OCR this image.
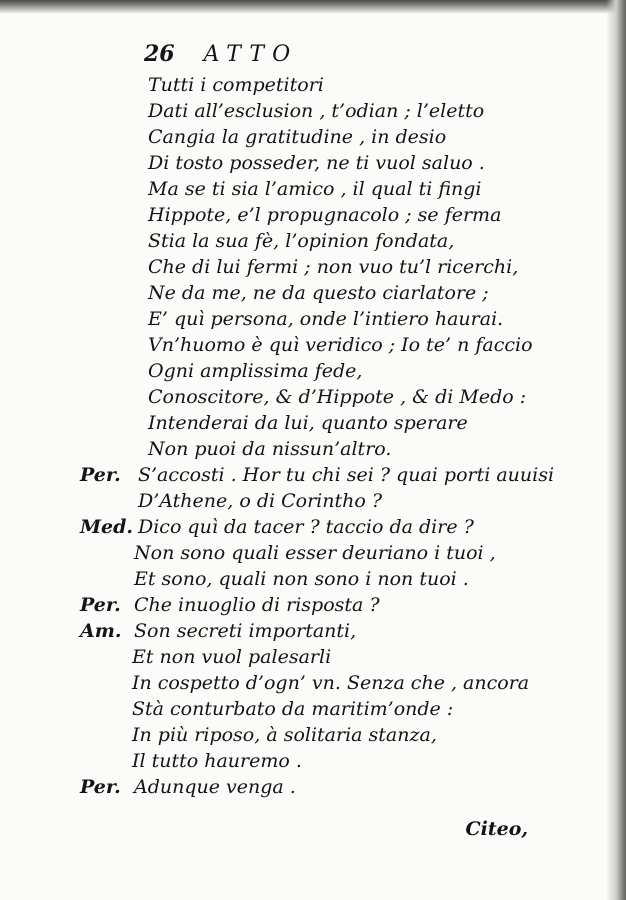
26 ATTO
Tutti i competitori
Dati all’esclusion , t’odian ; l’eletto
Cangia la gratitudine , in desio
Di tosto posseder, ne ti vuol saluo .
Ma se ti sia l’amico , il qual ti fingi
Hippote, e’l propugnacolo ; se ferma
Stia la sua fè, l’opinion fondata,
Che di lui fermi ; non vuo tu’l ricerchi,
Ne da me, ne da questo ciarlatore ;
E’ quì persona, onde l’intiero haurai.
Vn’huomo è quì veridico ; Io te’ n faccio
Ogni amplissima fede,
Conoscitore, & d’Hippote , & di Medo :
Intenderai da lui, quanto sperare
Non puoi da nissun’altro.
Per. S’accosti . Hor tu chi sei ? quai porti auuisi
D’Athene, o di Corintho ?
Med. Dico quì da tacer ? taccio da dire ?
Non sono quali esser deuriano i tuoi ,
Et sono, quali non sono i non tuoi .
Per. Che inuoglio di risposta ?
Am. Son secreti importanti,
Et non vuol palesarli
In cospetto d’ogn’ vn. Senza che , ancora
Stà conturbato da maritim’onde :
In più riposo, à solitaria stanza,
Il tutto hauremo .
Per. Adunque venga .
Citeo,
